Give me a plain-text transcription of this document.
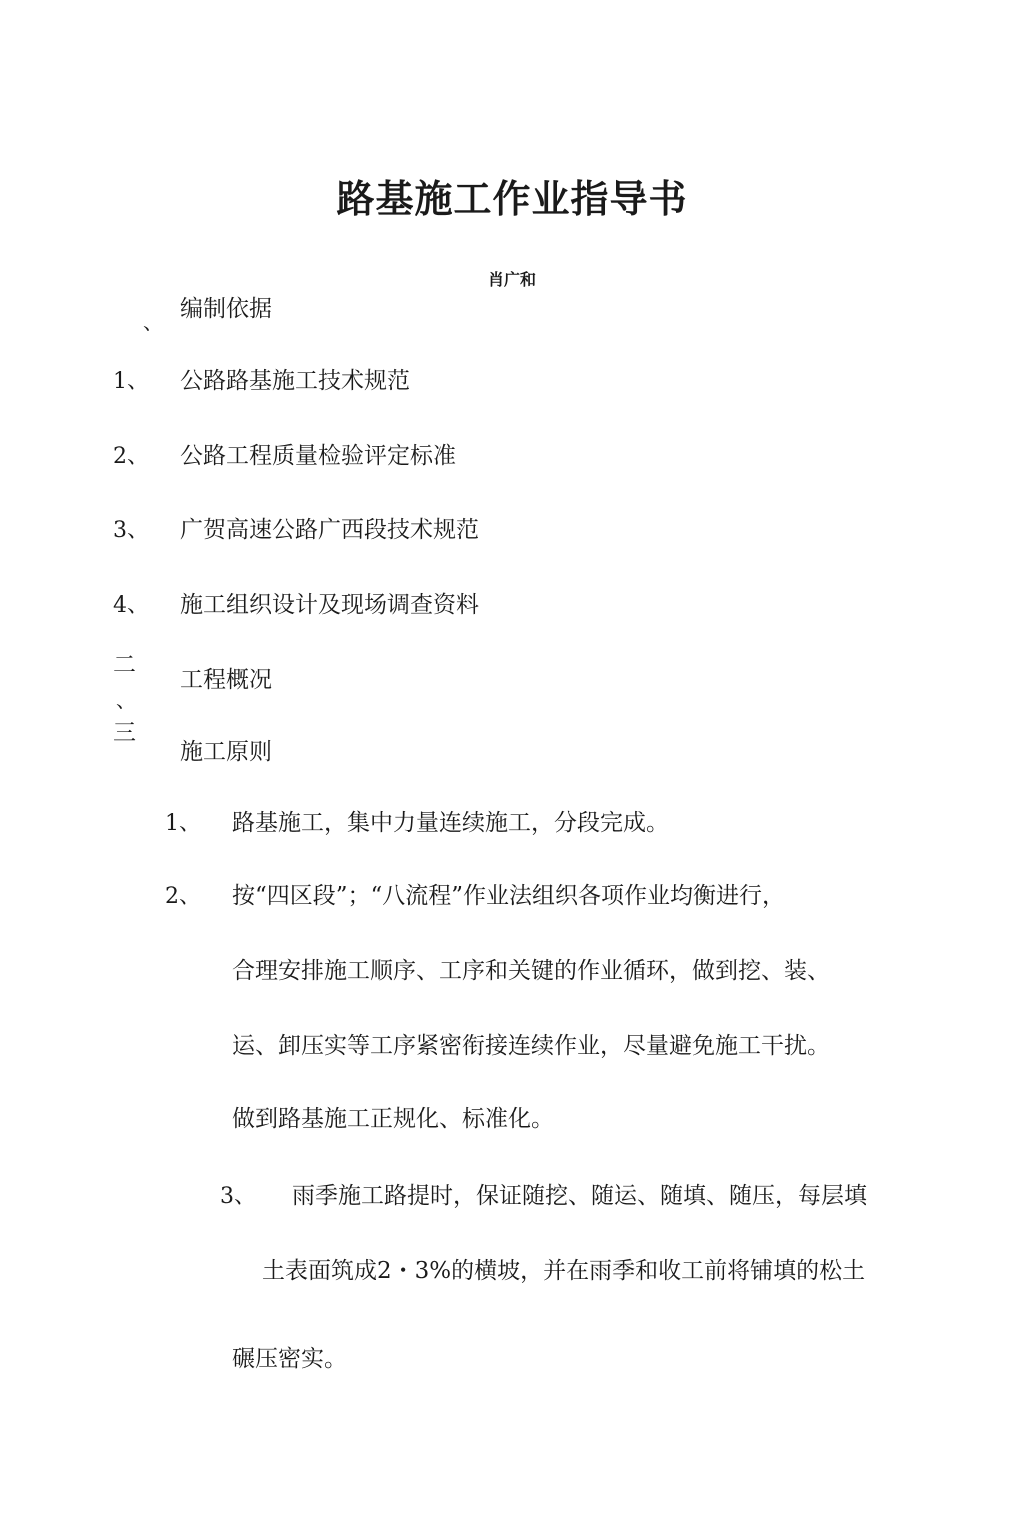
路基施工作业指导书
肖广和
、 编制依据
1、 公路路基施工技术规范
2、 公路工程质量检验评定标准
3、 广贺高速公路广西段技术规范
4、 施工组织设计及现场调查资料
二
、
工程概况
三
施工原则
1、 路基施工，集中力量连续施工，分段完成。
2、 按“四区段”；“八流程”作业法组织各项作业均衡进行，
合理安排施工顺序、工序和关键的作业循环，做到挖、装、
运、卸压实等工序紧密衔接连续作业，尽量避免施工干扰。
做到路基施工正规化、标准化。
3、 雨季施工路提时，保证随挖、随运、随填、随压，每层填
土表面筑成2・3%的横坡，并在雨季和收工前将铺填的松土
碾压密实。
